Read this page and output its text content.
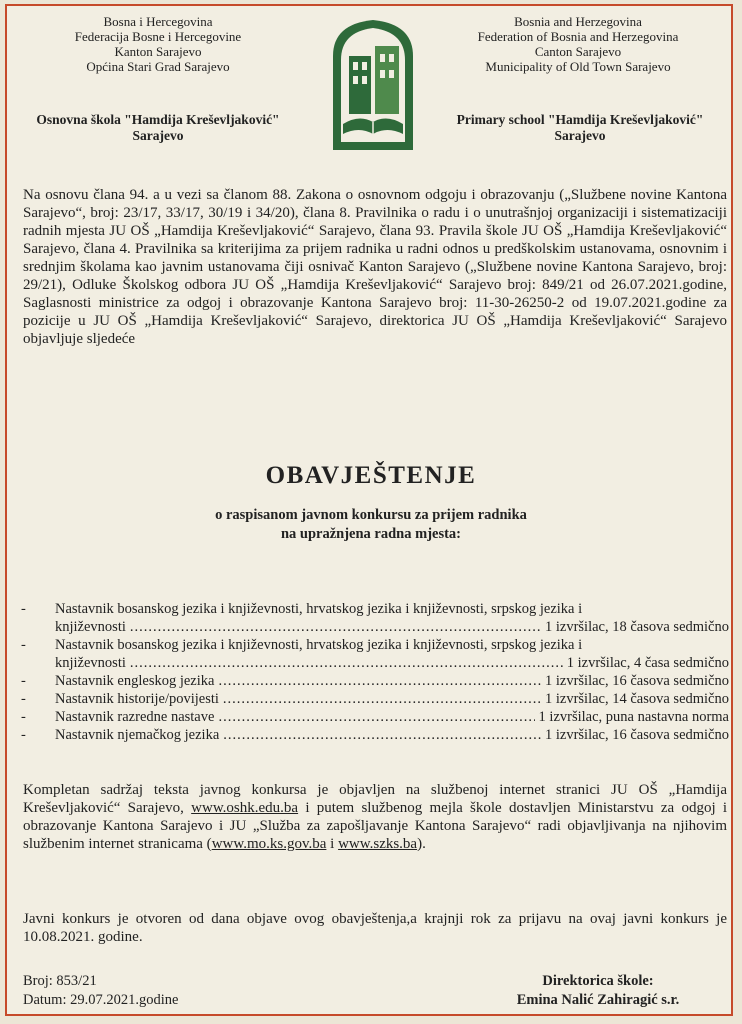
Bosna i Hercegovina
Federacija Bosne i Hercegovine
Kanton Sarajevo
Općina Stari Grad Sarajevo
Bosnia and Herzegovina
Federation of Bosnia and Herzegovina
Canton Sarajevo
Municipality of Old Town Sarajevo
Osnovna škola "Hamdija Kreševljaković"
Sarajevo
Primary school "Hamdija Kreševljaković"
Sarajevo
Na osnovu člana 94. a u vezi sa članom 88. Zakona o osnovnom odgoju i obrazovanju („Službene novine Kantona Sarajevo“, broj: 23/17, 33/17, 30/19 i 34/20), člana 8. Pravilnika o radu i o unutrašnjoj organizaciji i sistematizaciji radnih mjesta JU OŠ „Hamdija Kreševljaković“ Sarajevo, člana 93. Pravila škole JU OŠ „Hamdija Kreševljaković“ Sarajevo, člana 4. Pravilnika sa kriterijima za prijem radnika u radni odnos u predškolskim ustanovama, osnovnim i srednjim školama kao javnim ustanovama čiji osnivač Kanton Sarajevo („Službene novine Kantona Sarajevo, broj: 29/21), Odluke Školskog odbora JU OŠ „Hamdija Kreševljaković“ Sarajevo broj: 849/21 od 26.07.2021.godine, Saglasnosti ministrice za odgoj i obrazovanje Kantona Sarajevo broj: 11-30-26250-2 od 19.07.2021.godine za pozicije u JU OŠ „Hamdija Kreševljaković“ Sarajevo, direktorica JU OŠ „Hamdija Kreševljaković“ Sarajevo objavljuje sljedeće
OBAVJEŠTENJE
o raspisanom javnom konkursu za prijem radnika
na upražnjena radna mjesta:
- Nastavnik bosanskog jezika i književnosti, hrvatskog jezika i književnosti, srpskog jezika i
književnosti .....	1 izvršilac, 18 časova sedmično
- Nastavnik bosanskog jezika i književnosti, hrvatskog jezika i književnosti, srpskog jezika i
književnosti .....	1 izvršilac, 4 časa sedmično
- Nastavnik engleskog jezika .....	1 izvršilac, 16 časova sedmično
- Nastavnik historije/povijesti .....	1 izvršilac, 14 časova sedmično
- Nastavnik razredne nastave .....	1 izvršilac, puna nastavna norma
- Nastavnik njemačkog jezika .....	1 izvršilac, 16 časova sedmično
Kompletan sadržaj teksta javnog konkursa je objavljen na službenoj internet stranici JU OŠ „Hamdija Kreševljaković“ Sarajevo, www.oshk.edu.ba i putem službenog mejla škole dostavljen Ministarstvu za odgoj i obrazovanje Kantona Sarajevo i JU „Služba za zapošljavanje Kantona Sarajevo“ radi objavljivanja na njihovim službenim internet stranicama (www.mo.ks.gov.ba i www.szks.ba).
Javni konkurs je otvoren od dana objave ovog obavještenja,a krajnji rok za prijavu na ovaj javni konkurs je 10.08.2021. godine.
Broj: 853/21
Datum: 29.07.2021.godine
Direktorica škole:
Emina Nalić Zahiragić s.r.
